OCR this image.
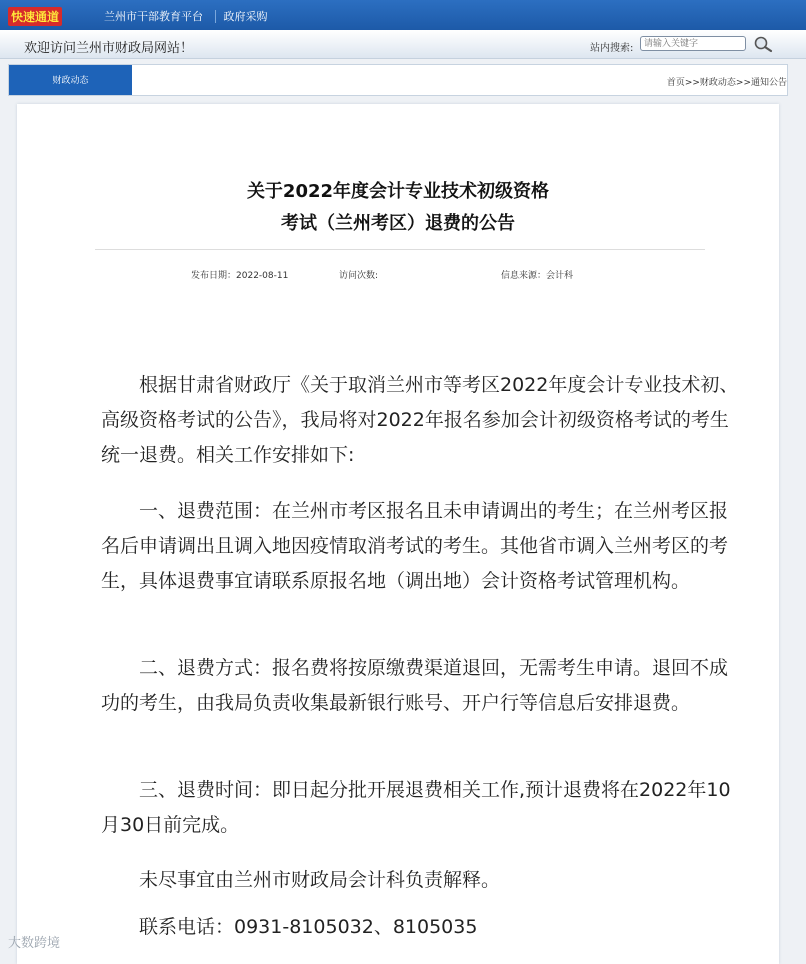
快速通道	兰州市干部教育平台 政府采购
欢迎访问兰州市财政局网站！	站内搜索:
请输入关键字
财政动态	首页>>财政动态>>通知公告
关于2022年度会计专业技术初级资格
考试（兰州考区）退费的公告
发布日期：2022-08-11	访问次数:	信息来源：会计科

根据甘肃省财政厅《关于取消兰州市等考区2022年度会计专业技术初、高级资格考试的公告》，我局将对2022年报名参加会计初级资格考试的考生统一退费。相关工作安排如下:

一、退费范围：在兰州市考区报名且未申请调出的考生；在兰州考区报名后申请调出且调入地因疫情取消考试的考生。其他省市调入兰州考区的考生，具体退费事宜请联系原报名地（调出地）会计资格考试管理机构。

二、退费方式：报名费将按原缴费渠道退回，无需考生申请。退回不成功的考生，由我局负责收集最新银行账号、开户行等信息后安排退费。

三、退费时间：即日起分批开展退费相关工作,预计退费将在2022年10月30日前完成。

未尽事宜由兰州市财政局会计科负责解释。

联系电话：0931-8105032、8105035

大数跨境
